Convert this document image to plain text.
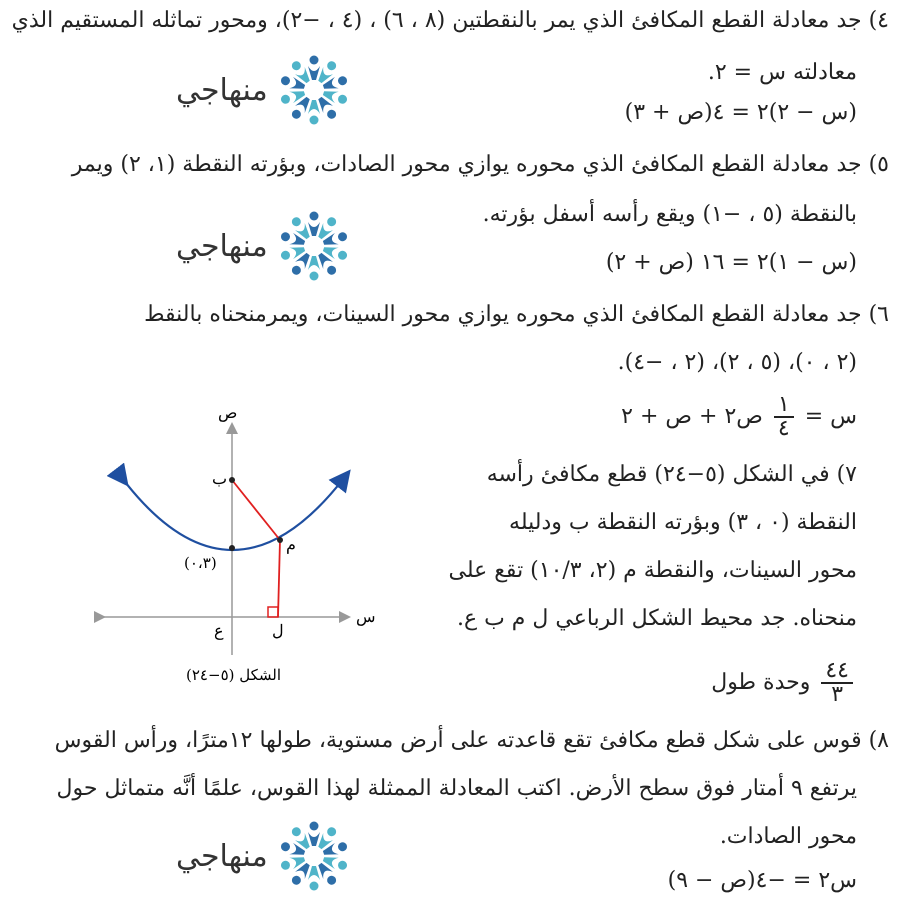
٤) جد معادلة القطع المكافئ الذي يمر بالنقطتين (٨ ، ٦) ، (٤ ، −٢)، ومحور تماثله المستقيم الذي
معادلته س = ٢.
(س − ٢)٢ = ٤(ص + ٣)
٥) جد معادلة القطع المكافئ الذي محوره يوازي محور الصادات، وبؤرته النقطة (١، ٢) ويمر
بالنقطة (٥ ، −١) ويقع رأسه أسفل بؤرته.
(س − ١)٢ = ١٦ (ص + ٢)
٦) جد معادلة القطع المكافئ الذي محوره يوازي محور السينات، ويمرمنحناه بالنقط
(٢ ، ٠)، (٥ ، ٢)، (٢ ، −٤).
س =
$\frac{١}{٤}$
ص٢ + ص + ٢
٧) في الشكل (٥−٢٤) قطع مكافئ رأسه
النقطة (٠ ، ٣) وبؤرته النقطة ب ودليله
محور السينات، والنقطة م (٢، ١٠/٣) تقع على
منحناه. جد محيط الشكل الرباعي ل م ب ع.
$\frac{٤٤}{٣}$
وحدة طول
٨) قوس على شكل قطع مكافئ تقع قاعدته على أرض مستوية، طولها ١٢مترًا، ورأس القوس
يرتفع ٩ أمتار فوق سطح الأرض. اكتب المعادلة الممثلة لهذا القوس، علمًا أنَّه متماثل حول
محور الصادات.
س٢ = −٤(ص − ٩)
منهاجي
منهاجي
منهاجي
ص
س
ب
م
(٠،٣)
ع	ل
الشكل (٥−٢٤)
